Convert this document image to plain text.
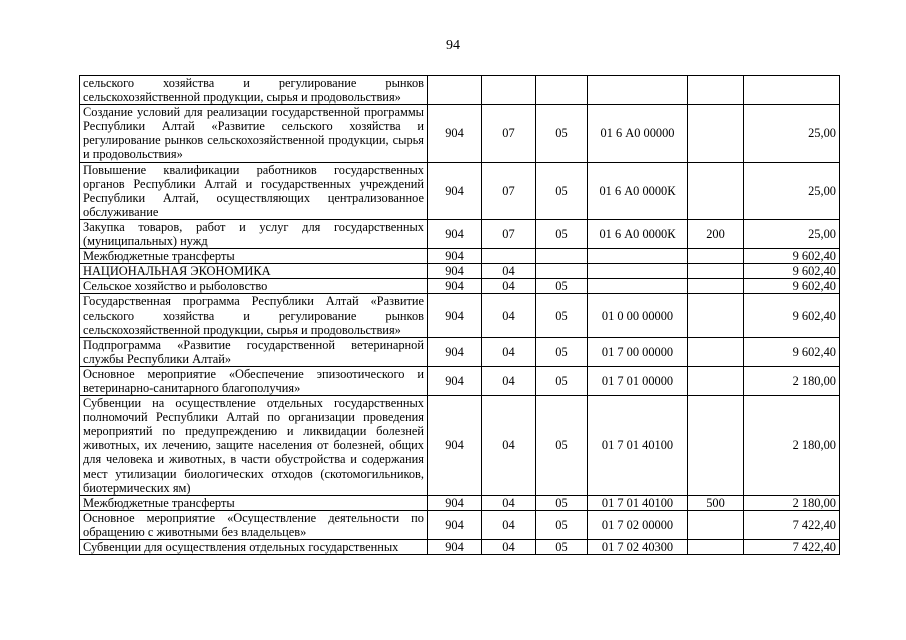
94
сельского хозяйства и регулирование рынков сельскохозяйственной продукции, сырья и продовольствия»						
Создание условий для реализации государственной программы Республики Алтай «Развитие сельского хозяйства и регулирование рынков сельскохозяйственной продукции, сырья и продовольствия»	904	07	05	01 6 А0 00000		25,00
Повышение квалификации работников государственных органов Республики Алтай и государственных учреждений Республики Алтай, осуществляющих централизованное обслуживание	904	07	05	01 6 А0 0000К		25,00
Закупка товаров, работ и услуг для государственных (муниципальных) нужд	904	07	05	01 6 А0 0000К	200	25,00
Межбюджетные трансферты	904					9 602,40
НАЦИОНАЛЬНАЯ ЭКОНОМИКА	904	04				9 602,40
Сельское хозяйство и рыболовство	904	04	05			9 602,40
Государственная программа Республики Алтай «Развитие сельского хозяйства и регулирование рынков сельскохозяйственной продукции, сырья и продовольствия»	904	04	05	01 0 00 00000		9 602,40
Подпрограмма «Развитие государственной ветеринарной службы Республики Алтай»	904	04	05	01 7 00 00000		9 602,40
Основное мероприятие «Обеспечение эпизоотического и ветеринарно-санитарного благополучия»	904	04	05	01 7 01 00000		2 180,00
Субвенции на осуществление отдельных государственных полномочий Республики Алтай по организации проведения мероприятий по предупреждению и ликвидации болезней животных, их лечению, защите населения от болезней, общих для человека и животных, в части обустройства и содержания мест утилизации биологических отходов (скотомогильников, биотермических ям)	904	04	05	01 7 01 40100		2 180,00
Межбюджетные трансферты	904	04	05	01 7 01 40100	500	2 180,00
Основное мероприятие «Осуществление деятельности по обращению с животными без владельцев»	904	04	05	01 7 02 00000		7 422,40
Субвенции для осуществления отдельных государственных	904	04	05	01 7 02 40300		7 422,40
